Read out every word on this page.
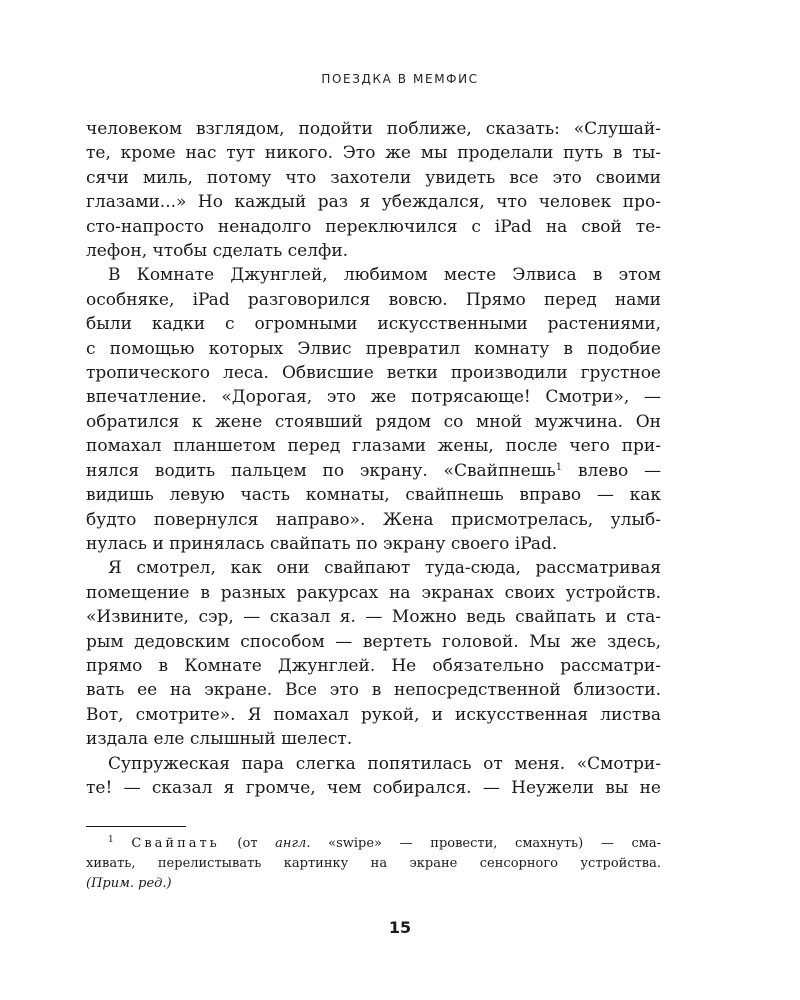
ПОЕЗДКА В МЕМФИС

человеком взглядом, подойти поближе, сказать: «Слушай-

те, кроме нас тут никого. Это же мы проделали путь в ты-

сячи миль, потому что захотели увидеть все это своими

глазами...» Но каждый раз я убеждался, что человек про-

сто-напросто ненадолго переключился с iPad на свой те-

лефон, чтобы сделать селфи.

В Комнате Джунглей, любимом месте Элвиса в этом

особняке, iPad разговорился вовсю. Прямо перед нами

были кадки с огромными искусственными растениями,

с помощью которых Элвис превратил комнату в подобие

тропического леса. Обвисшие ветки производили грустное

впечатление. «Дорогая, это же потрясающе! Смотри», —

обратился к жене стоявший рядом со мной мужчина. Он

помахал планшетом перед глазами жены, после чего при-

нялся водить пальцем по экрану. «Свайпнешь$^1$ влево —

видишь левую часть комнаты, свайпнешь вправо — как

будто повернулся направо». Жена присмотрелась, улыб-

нулась и принялась свайпать по экрану своего iPad.

Я смотрел, как они свайпают туда-сюда, рассматривая

помещение в разных ракурсах на экранах своих устройств.

«Извините, сэр, — сказал я. — Можно ведь свайпать и ста-

рым дедовским способом — вертеть головой. Мы же здесь,

прямо в Комнате Джунглей. Не обязательно рассматри-

вать ее на экране. Все это в непосредственной близости.

Вот, смотрите». Я помахал рукой, и искусственная листва

издала еле слышный шелест.

Супружеская пара слегка попятилась от меня. «Смотри-

те! — сказал я громче, чем собирался. — Неужели вы не

$^1$ Свайпать (от англ. «swipe» — провести, смахнуть) — сма-

хивать, перелистывать картинку на экране сенсорного устройства.

(Прим. ред.)

15
